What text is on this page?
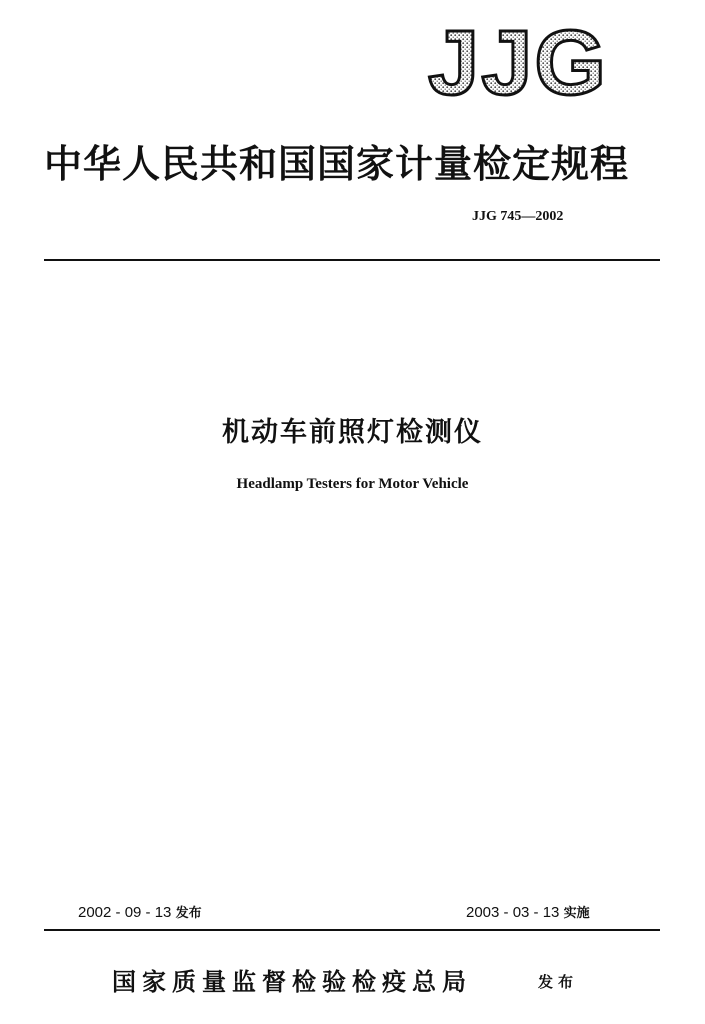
JJG
中华人民共和国国家计量检定规程
JJG 745—2002
机动车前照灯检测仪
Headlamp Testers for Motor Vehicle
2002 - 09 - 13 发布	2003 - 03 - 13 实施
国家质量监督检验检疫总局	发布
